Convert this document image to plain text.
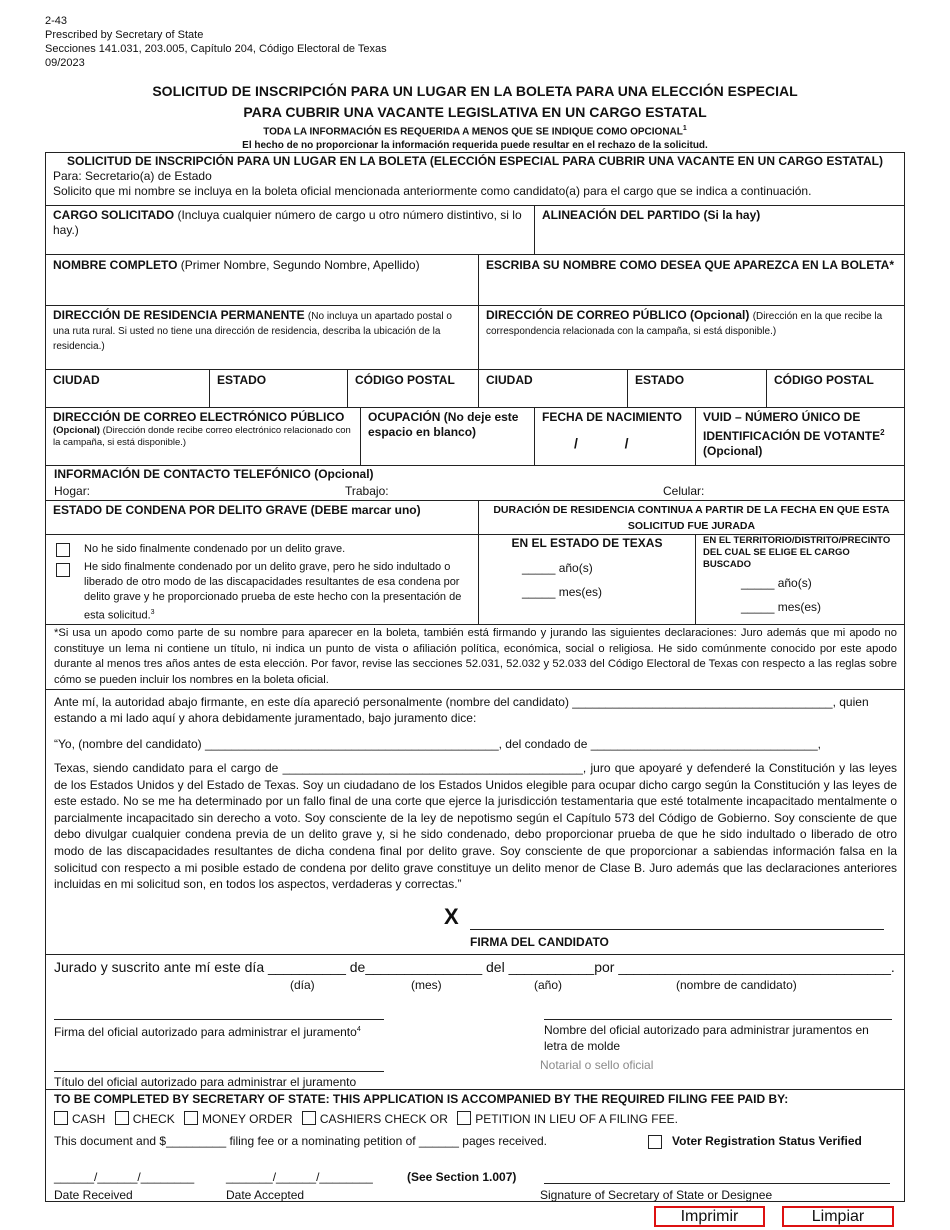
2-43
Prescribed by Secretary of State
Secciones 141.031, 203.005, Capítulo 204, Código Electoral de Texas
09/2023
SOLICITUD DE INSCRIPCIÓN PARA UN LUGAR EN LA BOLETA PARA UNA ELECCIÓN ESPECIAL
PARA CUBRIR UNA VACANTE LEGISLATIVA EN UN CARGO ESTATAL
TODA LA INFORMACIÓN ES REQUERIDA A MENOS QUE SE INDIQUE COMO OPCIONAL$^1$
El hecho de no proporcionar la información requerida puede resultar en el rechazo de la solicitud.
SOLICITUD DE INSCRIPCIÓN PARA UN LUGAR EN LA BOLETA (ELECCIÓN ESPECIAL PARA CUBRIR UNA VACANTE EN UN CARGO ESTATAL)
Para: Secretario(a) de Estado
Solicito que mi nombre se incluya en la boleta oficial mencionada anteriormente como candidato(a) para el cargo que se indica a continuación.
CARGO SOLICITADO (Incluya cualquier número de cargo u otro número distintivo, si lo hay.)
ALINEACIÓN DEL PARTIDO (Si la hay)
NOMBRE COMPLETO (Primer Nombre, Segundo Nombre, Apellido)	ESCRIBA SU NOMBRE COMO DESEA QUE APAREZCA EN LA BOLETA*
DIRECCIÓN DE RESIDENCIA PERMANENTE (No incluya un apartado postal o una ruta rural. Si usted no tiene una dirección de residencia, describa la ubicación de la residencia.)
DIRECCIÓN DE CORREO PÚBLICO (Opcional) (Dirección en la que recibe la correspondencia relacionada con la campaña, si está disponible.)
CIUDAD	ESTADO	CÓDIGO POSTAL	CIUDAD	ESTADO	CÓDIGO POSTAL
DIRECCIÓN DE CORREO ELECTRÓNICO PÚBLICO
(Opcional) (Dirección donde recibe correo electrónico relacionado con la campaña, si está disponible.)
OCUPACIÓN (No deje este espacio en blanco)
FECHA DE NACIMIENTO
/            /
VUID – NÚMERO ÚNICO DE IDENTIFICACIÓN DE VOTANTE$^2$
(Opcional)
INFORMACIÓN DE CONTACTO TELEFÓNICO (Opcional)
Hogar:	Trabajo:	Celular:
ESTADO DE CONDENA POR DELITO GRAVE (DEBE marcar uno)	DURACIÓN DE RESIDENCIA CONTINUA A PARTIR DE LA FECHA EN QUE ESTA SOLICITUD FUE JURADA
No he sido finalmente condenado por un delito grave.
He sido finalmente condenado por un delito grave, pero he sido indultado o liberado de otro modo de las discapacidades resultantes de esa condena por delito grave y he proporcionado prueba de este hecho con la presentación de esta solicitud.$^3$
EN EL ESTADO DE TEXAS
_____ año(s)
_____ mes(es)
EN EL TERRITORIO/DISTRITO/PRECINTO DEL CUAL SE ELIGE EL CARGO BUSCADO
_____ año(s)
_____ mes(es)
*Si usa un apodo como parte de su nombre para aparecer en la boleta, también está firmando y jurando las siguientes declaraciones: Juro además que mi apodo no constituye un lema ni contiene un título, ni indica un punto de vista o afiliación política, económica, social o religiosa. He sido comúnmente conocido por este apodo durante al menos tres años antes de esta elección. Por favor, revise las secciones 52.031, 52.032 y 52.033 del Código Electoral de Texas con respecto a las reglas sobre cómo se pueden incluir los nombres en la boleta oficial.
Ante mí, la autoridad abajo firmante, en este día apareció personalmente (nombre del candidato) _______________________________________, quien estando a mi lado aquí y ahora debidamente juramentado, bajo juramento dice:
“Yo, (nombre del candidato) ____________________________________________, del condado de __________________________________,
Texas, siendo candidato para el cargo de _____________________________________________, juro que apoyaré y defenderé la Constitución y las leyes de los Estados Unidos y del Estado de Texas. Soy un ciudadano de los Estados Unidos elegible para ocupar dicho cargo según la Constitución y las leyes de este estado. No se me ha determinado por un fallo final de una corte que ejerce la jurisdicción testamentaria que esté totalmente incapacitado mentalmente o parcialmente incapacitado sin derecho a voto. Soy consciente de la ley de nepotismo según el Capítulo 573 del Código de Gobierno. Soy consciente de que debo divulgar cualquier condena previa de un delito grave y, si he sido condenado, debo proporcionar prueba de que he sido indultado o liberado de otro modo de las discapacidades resultantes de dicha condena final por delito grave. Soy consciente de que proporcionar a sabiendas información falsa en la solicitud con respecto a mi posible estado de condena por delito grave constituye un delito menor de Clase B. Juro además que las declaraciones anteriores incluidas en mi solicitud son, en todos los aspectos, verdaderas y correctas.”
X
FIRMA DEL CANDIDATO
Jurado y suscrito ante mí este día __________ de_______________ del ___________por ___________________________________.
(día)	(mes)	(año)	(nombre de candidato)
Firma del oficial autorizado para administrar el juramento$^4$	Nombre del oficial autorizado para administrar juramentos en letra de molde
Notarial o sello oficial
Título del oficial autorizado para administrar el juramento
TO BE COMPLETED BY SECRETARY OF STATE: THIS APPLICATION IS ACCOMPANIED BY THE REQUIRED FILING FEE PAID BY:
CASH CHECK MONEY ORDER CASHIERS CHECK OR PETITION IN LIEU OF A FILING FEE.
This document and $_________ filing fee or a nominating petition of ______ pages received.	Voter Registration Status Verified
______/______/________	_______/______/________	(See Section 1.007)
Date Received	Date Accepted	Signature of Secretary of State or Designee
Imprimir	Limpiar
